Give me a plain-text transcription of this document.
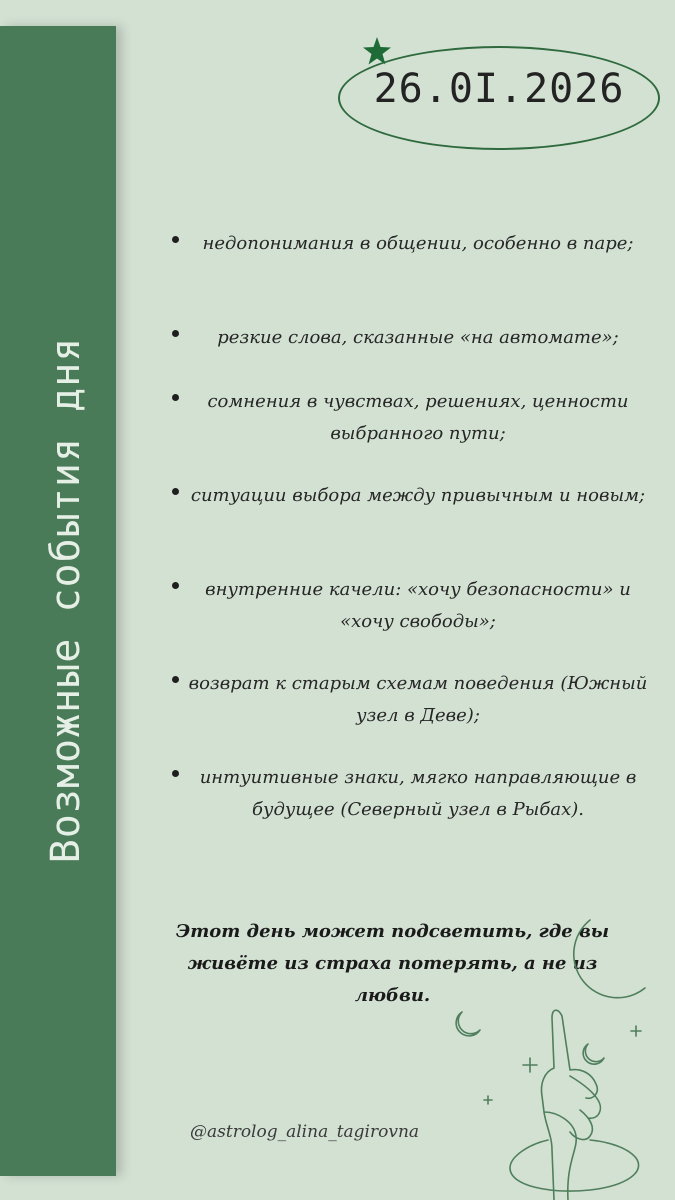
Возможные события дня
26.0I.2026
недопонимания в общении, особенно в паре;
резкие слова, сказанные «на автомате»;
сомнения в чувствах, решениях, ценности выбранного пути;
ситуации выбора между привычным и новым;
внутренние качели: «хочу безопасности» и «хочу свободы»;
возврат к старым схемам поведения (Южный узел в Деве);
интуитивные знаки, мягко направляющие в будущее (Северный узел в Рыбах).
Этот день может подсветить, где вы живёте из страха потерять, а не из любви.
@astrolog_alina_tagirovna
